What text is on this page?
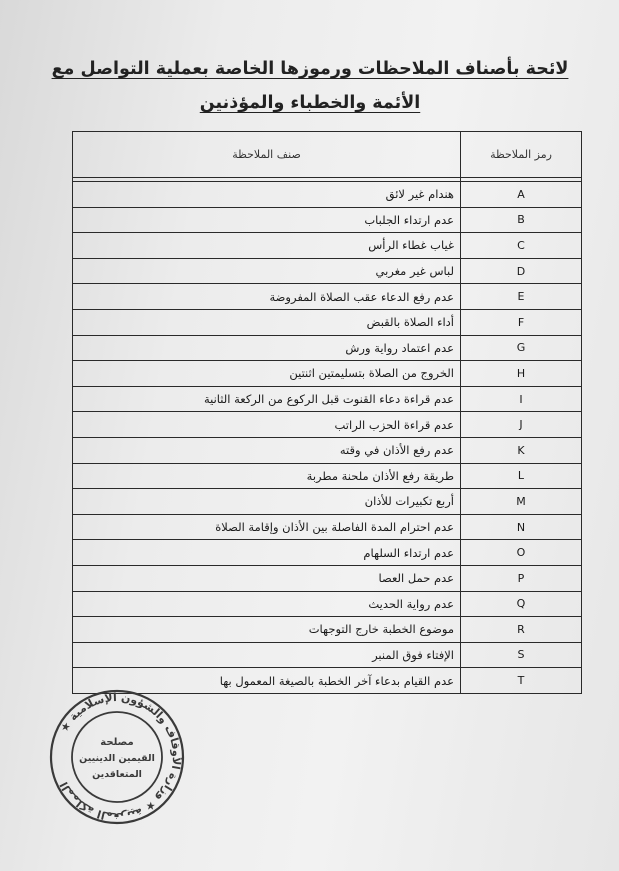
لائحة بأصناف الملاحظات ورموزها الخاصة بعملية التواصل مع
الأئمة والخطباء والمؤذنين
رمز الملاحظة	صنف الملاحظة

A	هندام غير لائق
B	عدم ارتداء الجلباب
C	غياب غطاء الرأس
D	لباس غير مغربي
E	عدم رفع الدعاء عقب الصلاة المفروضة
F	أداء الصلاة بالقبض
G	عدم اعتماد رواية ورش
H	الخروج من الصلاة بتسليمتين اثنتين
I	عدم قراءة دعاء القنوت قبل الركوع من الركعة الثانية
J	عدم قراءة الحزب الراتب
K	عدم رفع الأذان في وقته
L	طريقة رفع الأذان ملحنة مطربة
M	أربع تكبيرات للأذان
N	عدم احترام المدة الفاصلة بين الأذان وإقامة الصلاة
O	عدم ارتداء السلهام
P	عدم حمل العصا
Q	عدم رواية الحديث
R	موضوع الخطبة خارج التوجهات
S	الإفتاء فوق المنبر
T	عدم القيام بدعاء آخر الخطبة بالصيغة المعمول بها
المملكة المغربية ★ وزارة الأوقاف والشؤون الإسلامية ★
مصلحة
القيمين الدينيين
المتعاقدين
